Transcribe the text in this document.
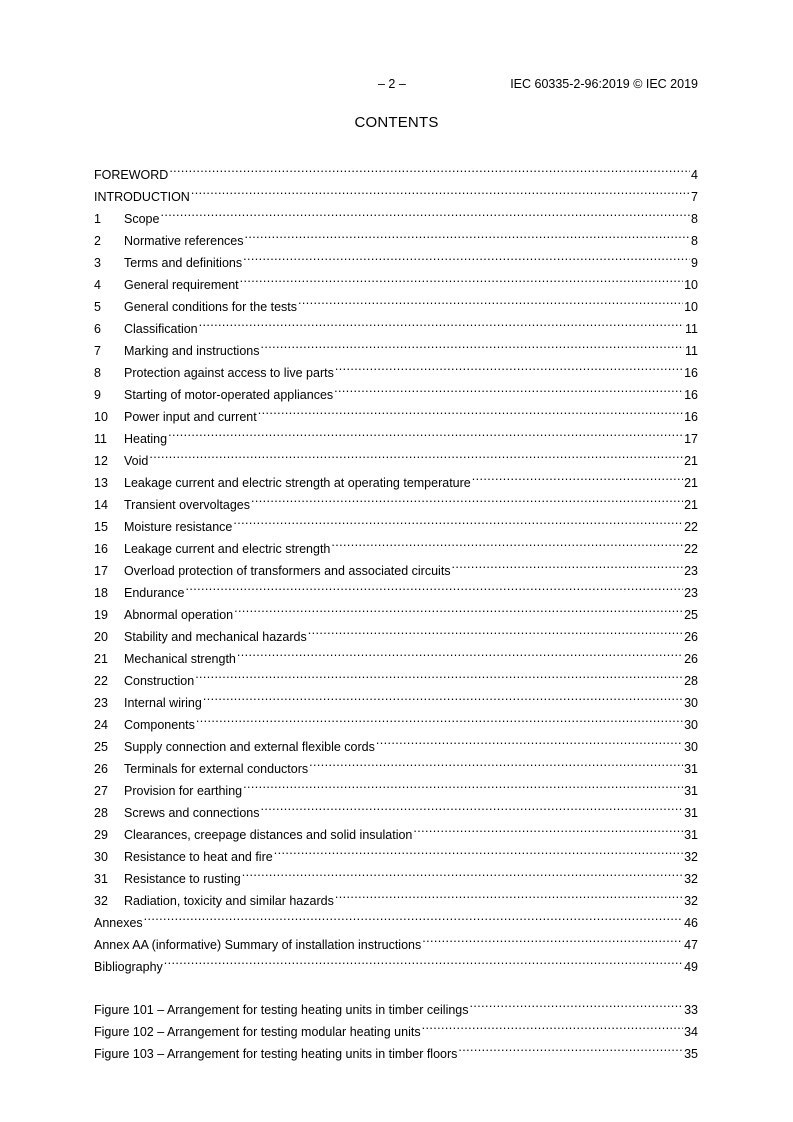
– 2 –	IEC 60335-2-96:2019 © IEC 2019
CONTENTS
FOREWORD .....	4
INTRODUCTION .....	7
1	Scope .....	8
2	Normative references .....	8
3	Terms and definitions .....	9
4	General requirement .....	10
5	General conditions for the tests .....	10
6	Classification .....	11
7	Marking and instructions .....	11
8	Protection against access to live parts .....	16
9	Starting of motor-operated appliances .....	16
10	Power input and current .....	16
11	Heating .....	17
12	Void .....	21
13	Leakage current and electric strength at operating temperature .....	21
14	Transient overvoltages .....	21
15	Moisture resistance .....	22
16	Leakage current and electric strength .....	22
17	Overload protection of transformers and associated circuits .....	23
18	Endurance .....	23
19	Abnormal operation .....	25
20	Stability and mechanical hazards .....	26
21	Mechanical strength .....	26
22	Construction .....	28
23	Internal wiring .....	30
24	Components .....	30
25	Supply connection and external flexible cords .....	30
26	Terminals for external conductors .....	31
27	Provision for earthing .....	31
28	Screws and connections .....	31
29	Clearances, creepage distances and solid insulation .....	31
30	Resistance to heat and fire .....	32
31	Resistance to rusting .....	32
32	Radiation, toxicity and similar hazards .....	32
Annexes .....	46
Annex AA (informative) Summary of installation instructions .....	47
Bibliography .....	49
Figure 101 – Arrangement for testing heating units in timber ceilings .....	33
Figure 102 – Arrangement for testing modular heating units .....	34
Figure 103 – Arrangement for testing heating units in timber floors .....	35
